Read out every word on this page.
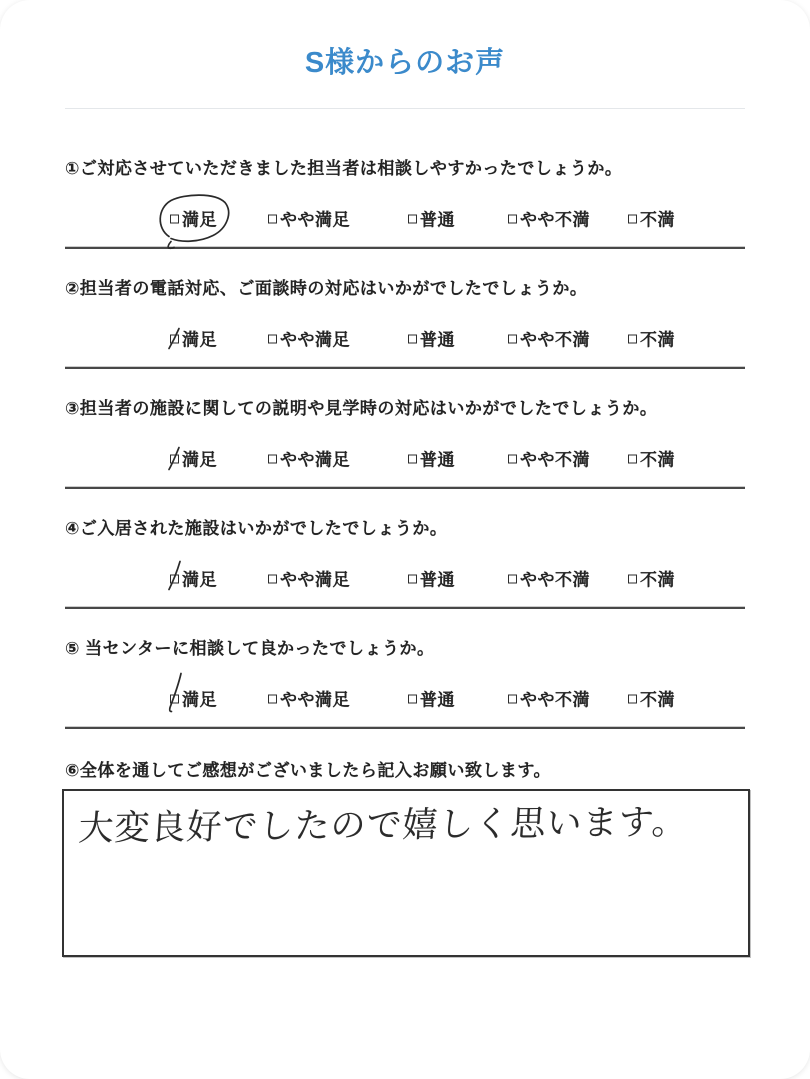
S様からのお声

①ご対応させていただきました担当者は相談しやすかったでしょうか。

満足	やや満足	普通	やや不満	不満

②担当者の電話対応、ご面談時の対応はいかがでしたでしょうか。

満足	やや満足	普通	やや不満	不満

③担当者の施設に関しての説明や見学時の対応はいかがでしたでしょうか。

満足	やや満足	普通	やや不満	不満

④ご入居された施設はいかがでしたでしょうか。

満足	やや満足	普通	やや不満	不満

⑤ 当センターに相談して良かったでしょうか。

満足	やや満足	普通	やや不満	不満

⑥全体を通してご感想がございましたら記入お願い致します。

大変良好でしたので嬉しく思います。
